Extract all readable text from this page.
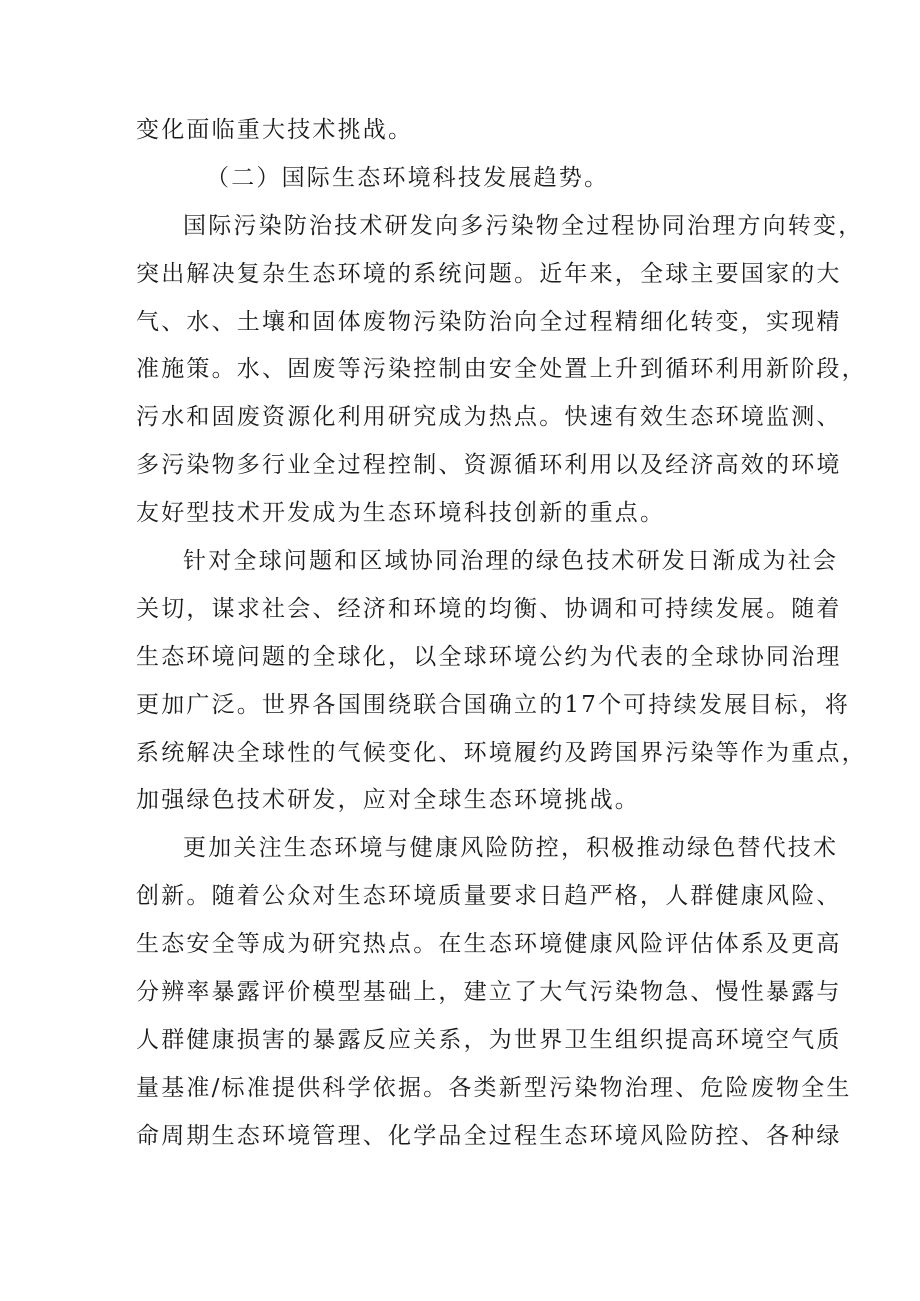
变化面临重大技术挑战。
（二）国际生态环境科技发展趋势。
国际污染防治技术研发向多污染物全过程协同治理方向转变，
突出解决复杂生态环境的系统问题。近年来，全球主要国家的大
气、水、土壤和固体废物污染防治向全过程精细化转变，实现精
准施策。水、固废等污染控制由安全处置上升到循环利用新阶段，
污水和固废资源化利用研究成为热点。快速有效生态环境监测、
多污染物多行业全过程控制、资源循环利用以及经济高效的环境
友好型技术开发成为生态环境科技创新的重点。
针对全球问题和区域协同治理的绿色技术研发日渐成为社会
关切，谋求社会、经济和环境的均衡、协调和可持续发展。随着
生态环境问题的全球化，以全球环境公约为代表的全球协同治理
更加广泛。世界各国围绕联合国确立的17个可持续发展目标，将
系统解决全球性的气候变化、环境履约及跨国界污染等作为重点，
加强绿色技术研发，应对全球生态环境挑战。
更加关注生态环境与健康风险防控，积极推动绿色替代技术
创新。随着公众对生态环境质量要求日趋严格，人群健康风险、
生态安全等成为研究热点。在生态环境健康风险评估体系及更高
分辨率暴露评价模型基础上，建立了大气污染物急、慢性暴露与
人群健康损害的暴露反应关系，为世界卫生组织提高环境空气质
量基准/标准提供科学依据。各类新型污染物治理、危险废物全生
命周期生态环境管理、化学品全过程生态环境风险防控、各种绿
